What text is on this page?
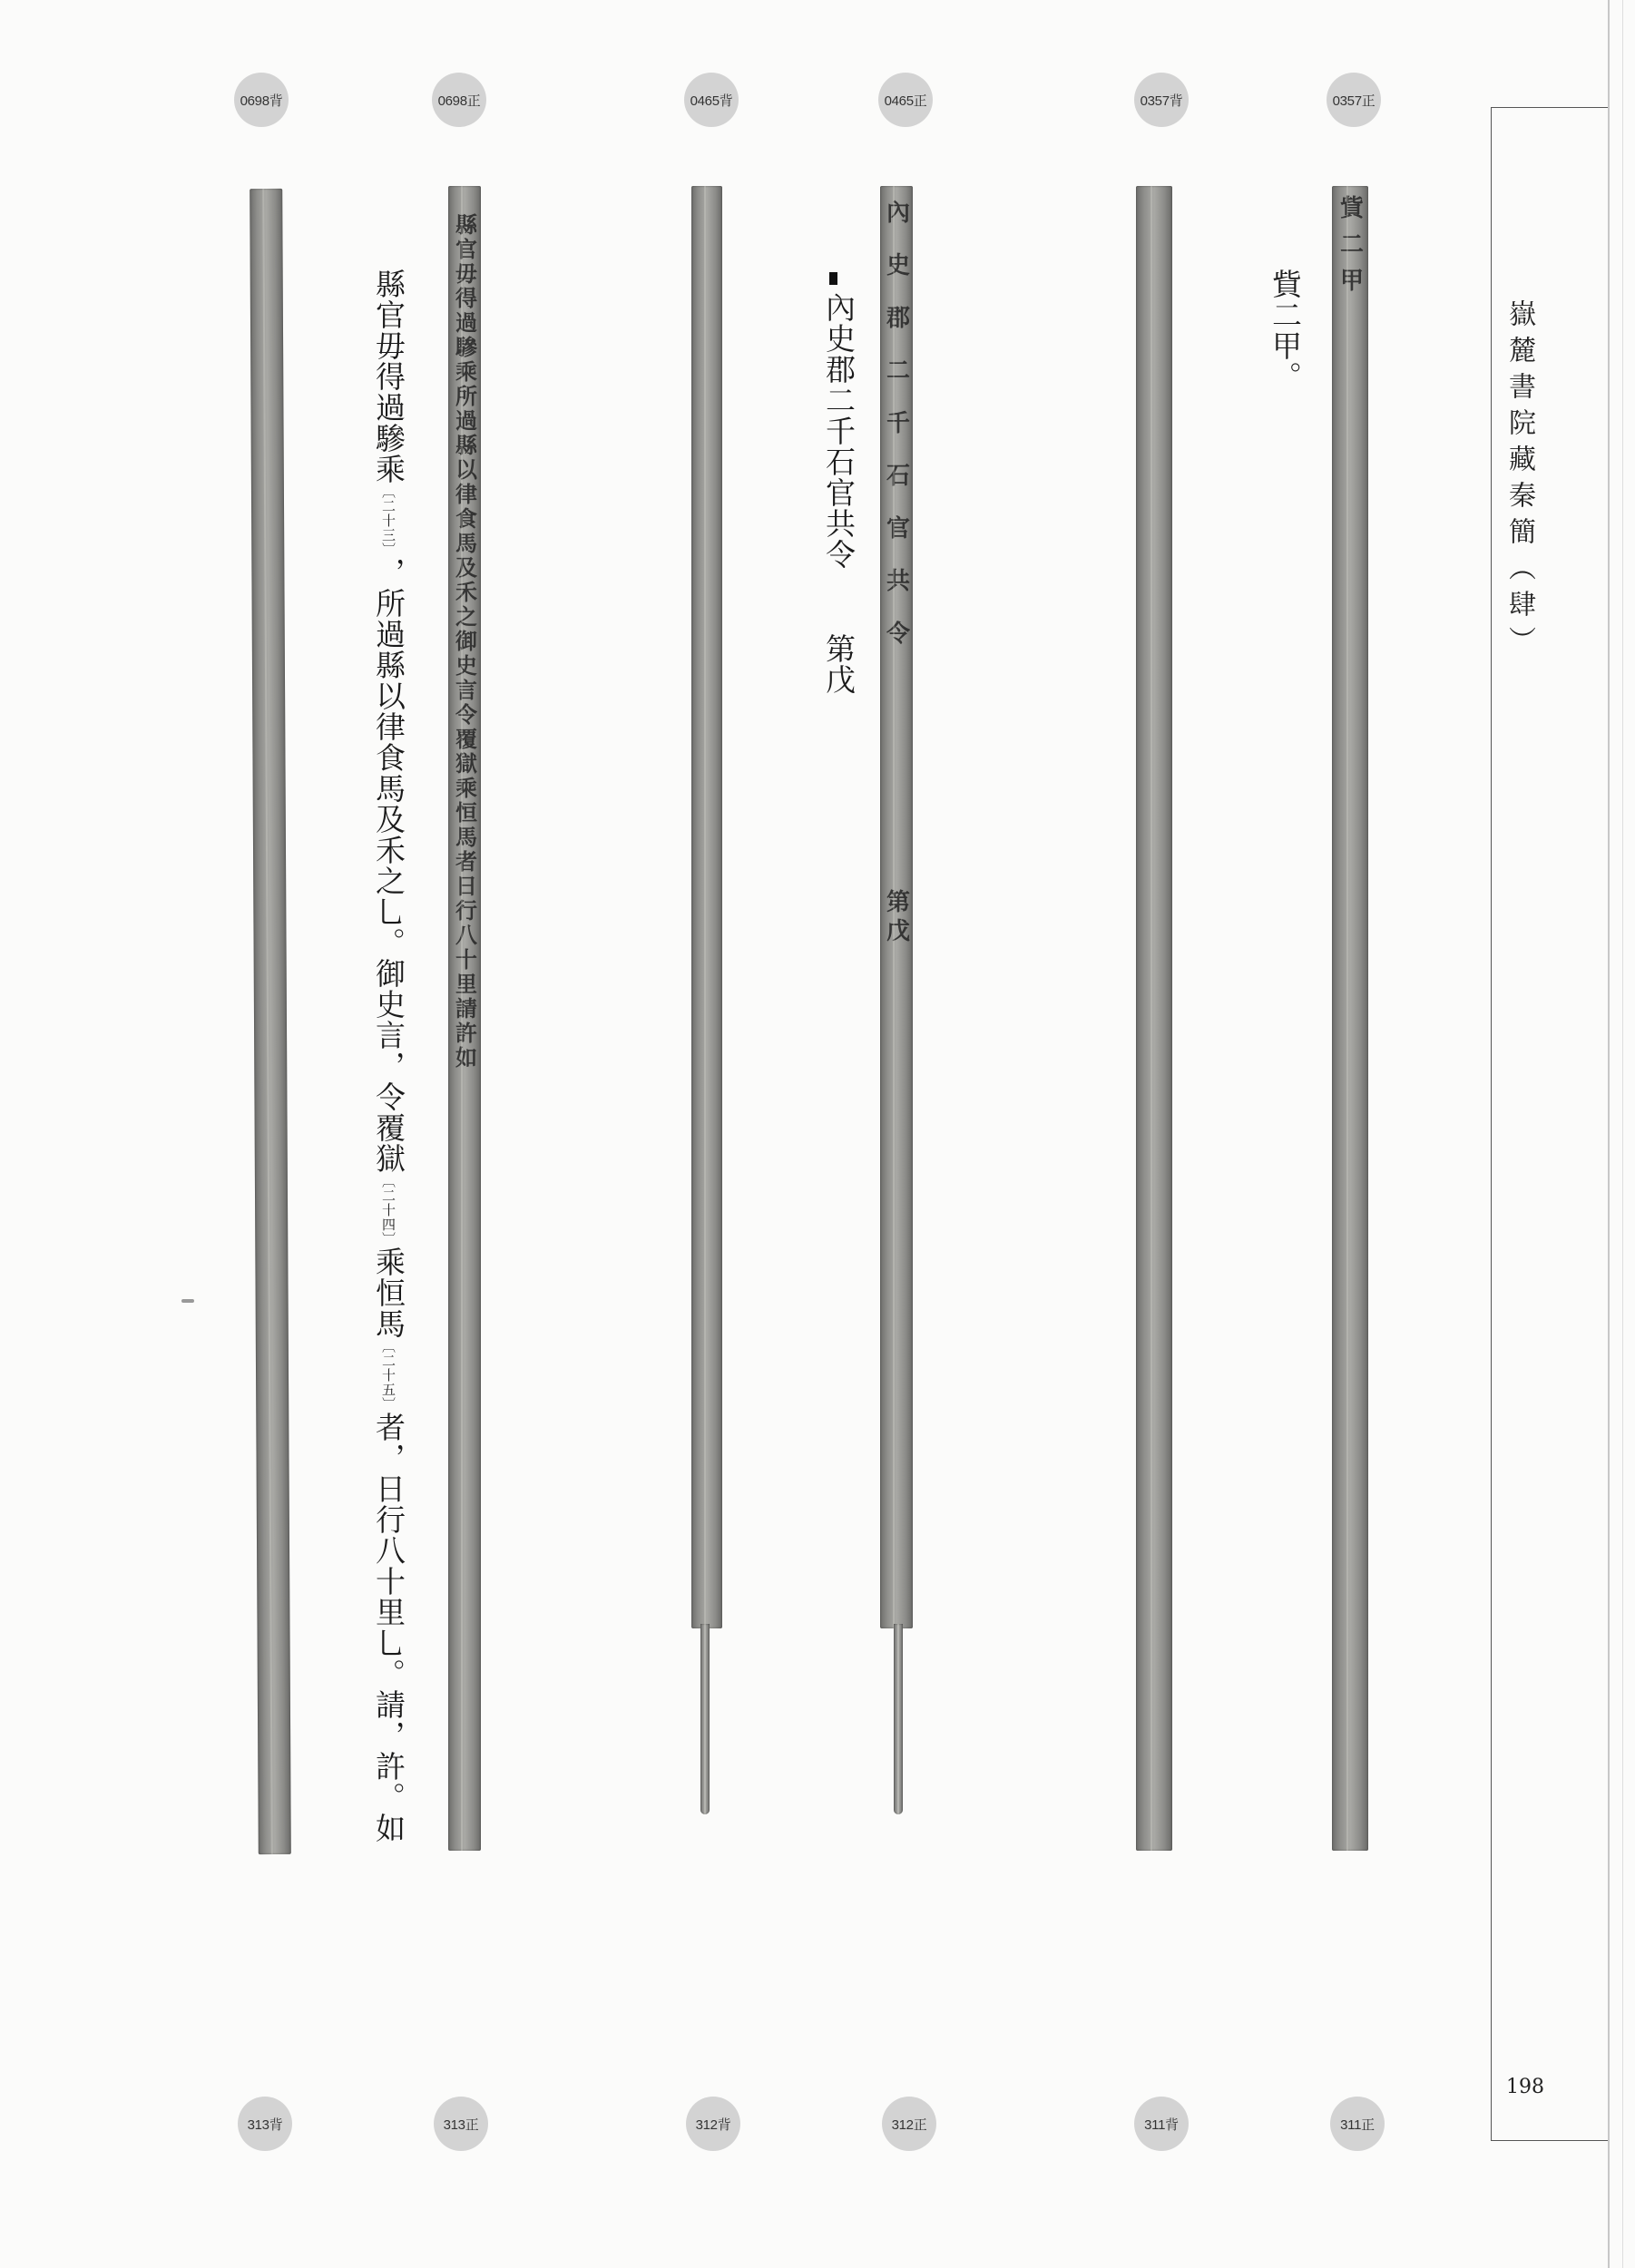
0698背	0698正	0465背	0465正	0357背	0357正
縣官毋得過驂乘所過縣以律食馬及禾之御史言令覆獄乘恒馬者日行八十里請許如	內史郡二千石官共令
第戊
貲二甲
貲二甲。
內史郡二千石官共令第戊
縣官毋得過驂乘〔二十三〕，所過縣以律食馬及禾之乚。御史言，令覆獄〔二十四〕乘恒馬〔二十五〕者，日行八十里乚。請，許。如
313背	313正	312背	312正	311背	311正
嶽麓書院藏秦簡（肆）
198
